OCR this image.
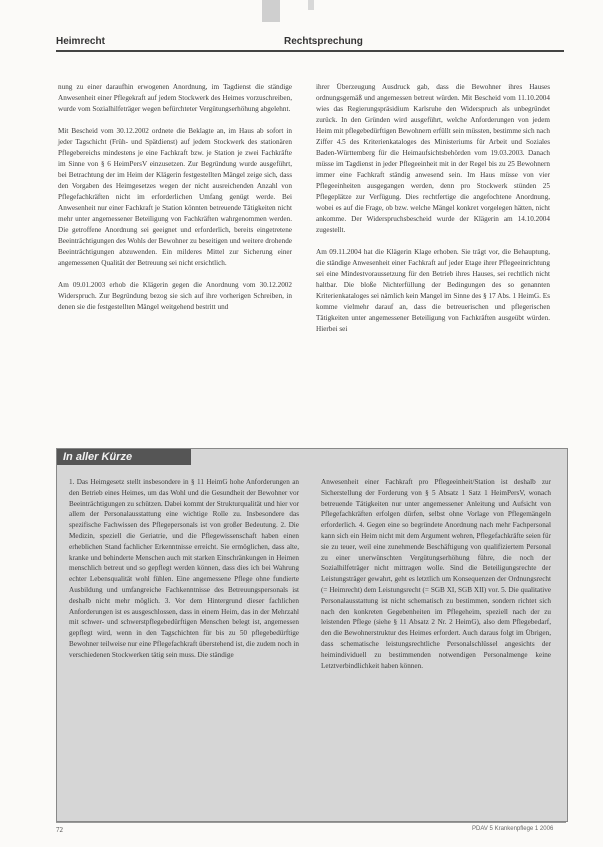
Heimrecht	Rechtsprechung

nung zu einer daraufhin erwogenen Anordnung, im Tagdienst die ständige Anwesenheit einer Pflegekraft auf jedem Stockwerk des Heimes vorzuschreiben, wurde vom Sozialhilfeträger wegen befürchteter Vergütungserhöhung abgelehnt.

Mit Bescheid vom 30.12.2002 ordnete die Beklagte an, im Haus ab sofort in jeder Tagschicht (Früh- und Spätdienst) auf jedem Stockwerk des stationären Pflegebereichs mindestens je eine Fachkraft bzw. je Station je zwei Fachkräfte im Sinne von § 6 HeimPersV einzusetzen. Zur Begründung wurde ausgeführt, bei Betrachtung der im Heim der Klägerin festgestellten Mängel zeige sich, dass den Vorgaben des Heimgesetzes wegen der nicht ausreichenden Anzahl von Pflegefachkräften nicht im erforderlichen Umfang genügt werde. Bei Anwesenheit nur einer Fachkraft je Station könnten betreuende Tätigkeiten nicht mehr unter angemessener Beteiligung von Fachkräften wahrgenommen werden. Die getroffene Anordnung sei geeignet und erforderlich, bereits eingetretene Beeinträchtigungen des Wohls der Bewohner zu beseitigen und weitere drohende Beeinträchtigungen abzuwenden. Ein milderes Mittel zur Sicherung einer angemessenen Qualität der Betreuung sei nicht ersichtlich.

Am 09.01.2003 erhob die Klägerin gegen die Anordnung vom 30.12.2002 Widerspruch. Zur Begründung bezog sie sich auf ihre vorherigen Schreiben, in denen sie die festgestellten Mängel weitgehend bestritt und

ihrer Überzeugung Ausdruck gab, dass die Bewohner ihres Hauses ordnungsgemäß und angemessen betreut würden. Mit Bescheid vom 11.10.2004 wies das Regierungspräsidium Karlsruhe den Widerspruch als unbegründet zurück. In den Gründen wird ausgeführt, welche Anforderungen von jedem Heim mit pflegebedürftigen Bewohnern erfüllt sein müssten, bestimme sich nach Ziffer 4.5 des Kriterienkataloges des Ministeriums für Arbeit und Soziales Baden-Württemberg für die Heimaufsichtsbehörden vom 19.03.2003. Danach müsse im Tagdienst in jeder Pflegeeinheit mit in der Regel bis zu 25 Bewohnern immer eine Fachkraft ständig anwesend sein. Im Haus müsse von vier Pflegeeinheiten ausgegangen werden, denn pro Stockwerk stünden 25 Pflegeplätze zur Verfügung. Dies rechtfertige die angefochtene Anordnung, wobei es auf die Frage, ob bzw. welche Mängel konkret vorgelegen hätten, nicht ankomme. Der Widerspruchsbescheid wurde der Klägerin am 14.10.2004 zugestellt.

Am 09.11.2004 hat die Klägerin Klage erhoben. Sie trägt vor, die Behauptung, die ständige Anwesenheit einer Fachkraft auf jeder Etage ihrer Pflegeeinrichtung sei eine Mindestvoraussetzung für den Betrieb ihres Hauses, sei rechtlich nicht haltbar. Die bloße Nichterfüllung der Bedingungen des so genannten Kriterienkataloges sei nämlich kein Mangel im Sinne des § 17 Abs. 1 HeimG. Es komme vielmehr darauf an, dass die betreuerischen und pflegerischen Tätigkeiten unter angemessener Beteiligung von Fachkräften ausgeübt würden. Hierbei sei

In aller Kürze

1. Das Heimgesetz stellt insbesondere in § 11 HeimG hohe Anforderungen an den Betrieb eines Heimes, um das Wohl und die Gesundheit der Bewohner vor Beeinträchtigungen zu schützen. Dabei kommt der Strukturqualität und hier vor allem der Personalausstattung eine wichtige Rolle zu. Insbesondere das spezifische Fachwissen des Pflegepersonals ist von großer Bedeutung. 2. Die Medizin, speziell die Geriatrie, und die Pflegewissenschaft haben einen erheblichen Stand fachlicher Erkenntnisse erreicht. Sie ermöglichen, dass alte, kranke und behinderte Menschen auch mit starken Einschränkungen in Heimen menschlich betreut und so gepflegt werden können, dass dies ich bei Wahrung echter Lebensqualität wohl fühlen. Eine angemessene Pflege ohne fundierte Ausbildung und umfangreiche Fachkenntnisse des Betreuungspersonals ist deshalb nicht mehr möglich. 3. Vor dem Hintergrund dieser fachlichen Anforderungen ist es ausgeschlossen, dass in einem Heim, das in der Mehrzahl mit schwer- und schwerstpflegebedürftigen Menschen belegt ist, angemessen gepflegt wird, wenn in den Tagschichten für bis zu 50 pflegebedürftige Bewohner teilweise nur eine Pflegefachkraft überstehend ist, die zudem noch in verschiedenen Stockwerken tätig sein muss. Die ständige

Anwesenheit einer Fachkraft pro Pflegeeinheit/Station ist deshalb zur Sicherstellung der Forderung von § 5 Absatz 1 Satz 1 HeimPersV, wonach betreuende Tätigkeiten nur unter angemessener Anleitung und Aufsicht von Pflegefachkräften erfolgen dürfen, selbst ohne Vorlage von Pflegemängeln erforderlich. 4. Gegen eine so begründete Anordnung nach mehr Fachpersonal kann sich ein Heim nicht mit dem Argument wehren, Pflegefachkräfte seien für sie zu teuer, weil eine zunehmende Beschäftigung von qualifiziertem Personal zu einer unerwünschten Vergütungserhöhung führe, die noch der Sozialhilfeträger nicht mittragen wolle. Sind die Beteiligungsrechte der Leistungsträger gewahrt, geht es letztlich um Konsequenzen der Ordnungsrecht (= Heimrecht) dem Leistungsrecht (= SGB XI, SGB XII) vor. 5. Die qualitative Personalausstattung ist nicht schematisch zu bestimmen, sondern richtet sich nach den konkreten Gegebenheiten im Pflegeheim, speziell nach der zu leistenden Pflege (siehe § 11 Absatz 2 Nr. 2 HeimG), also dem Pflegebedarf, den die Bewohnerstruktur des Heimes erfordert. Auch daraus folgt im Übrigen, dass schematische leistungsrechtliche Personalschlüssel angesichts der heimindividuell zu bestimmenden notwendigen Personalmenge keine Letztverbindlichkeit haben können.

72	PDAV 5 Krankenpflege 1 2006
